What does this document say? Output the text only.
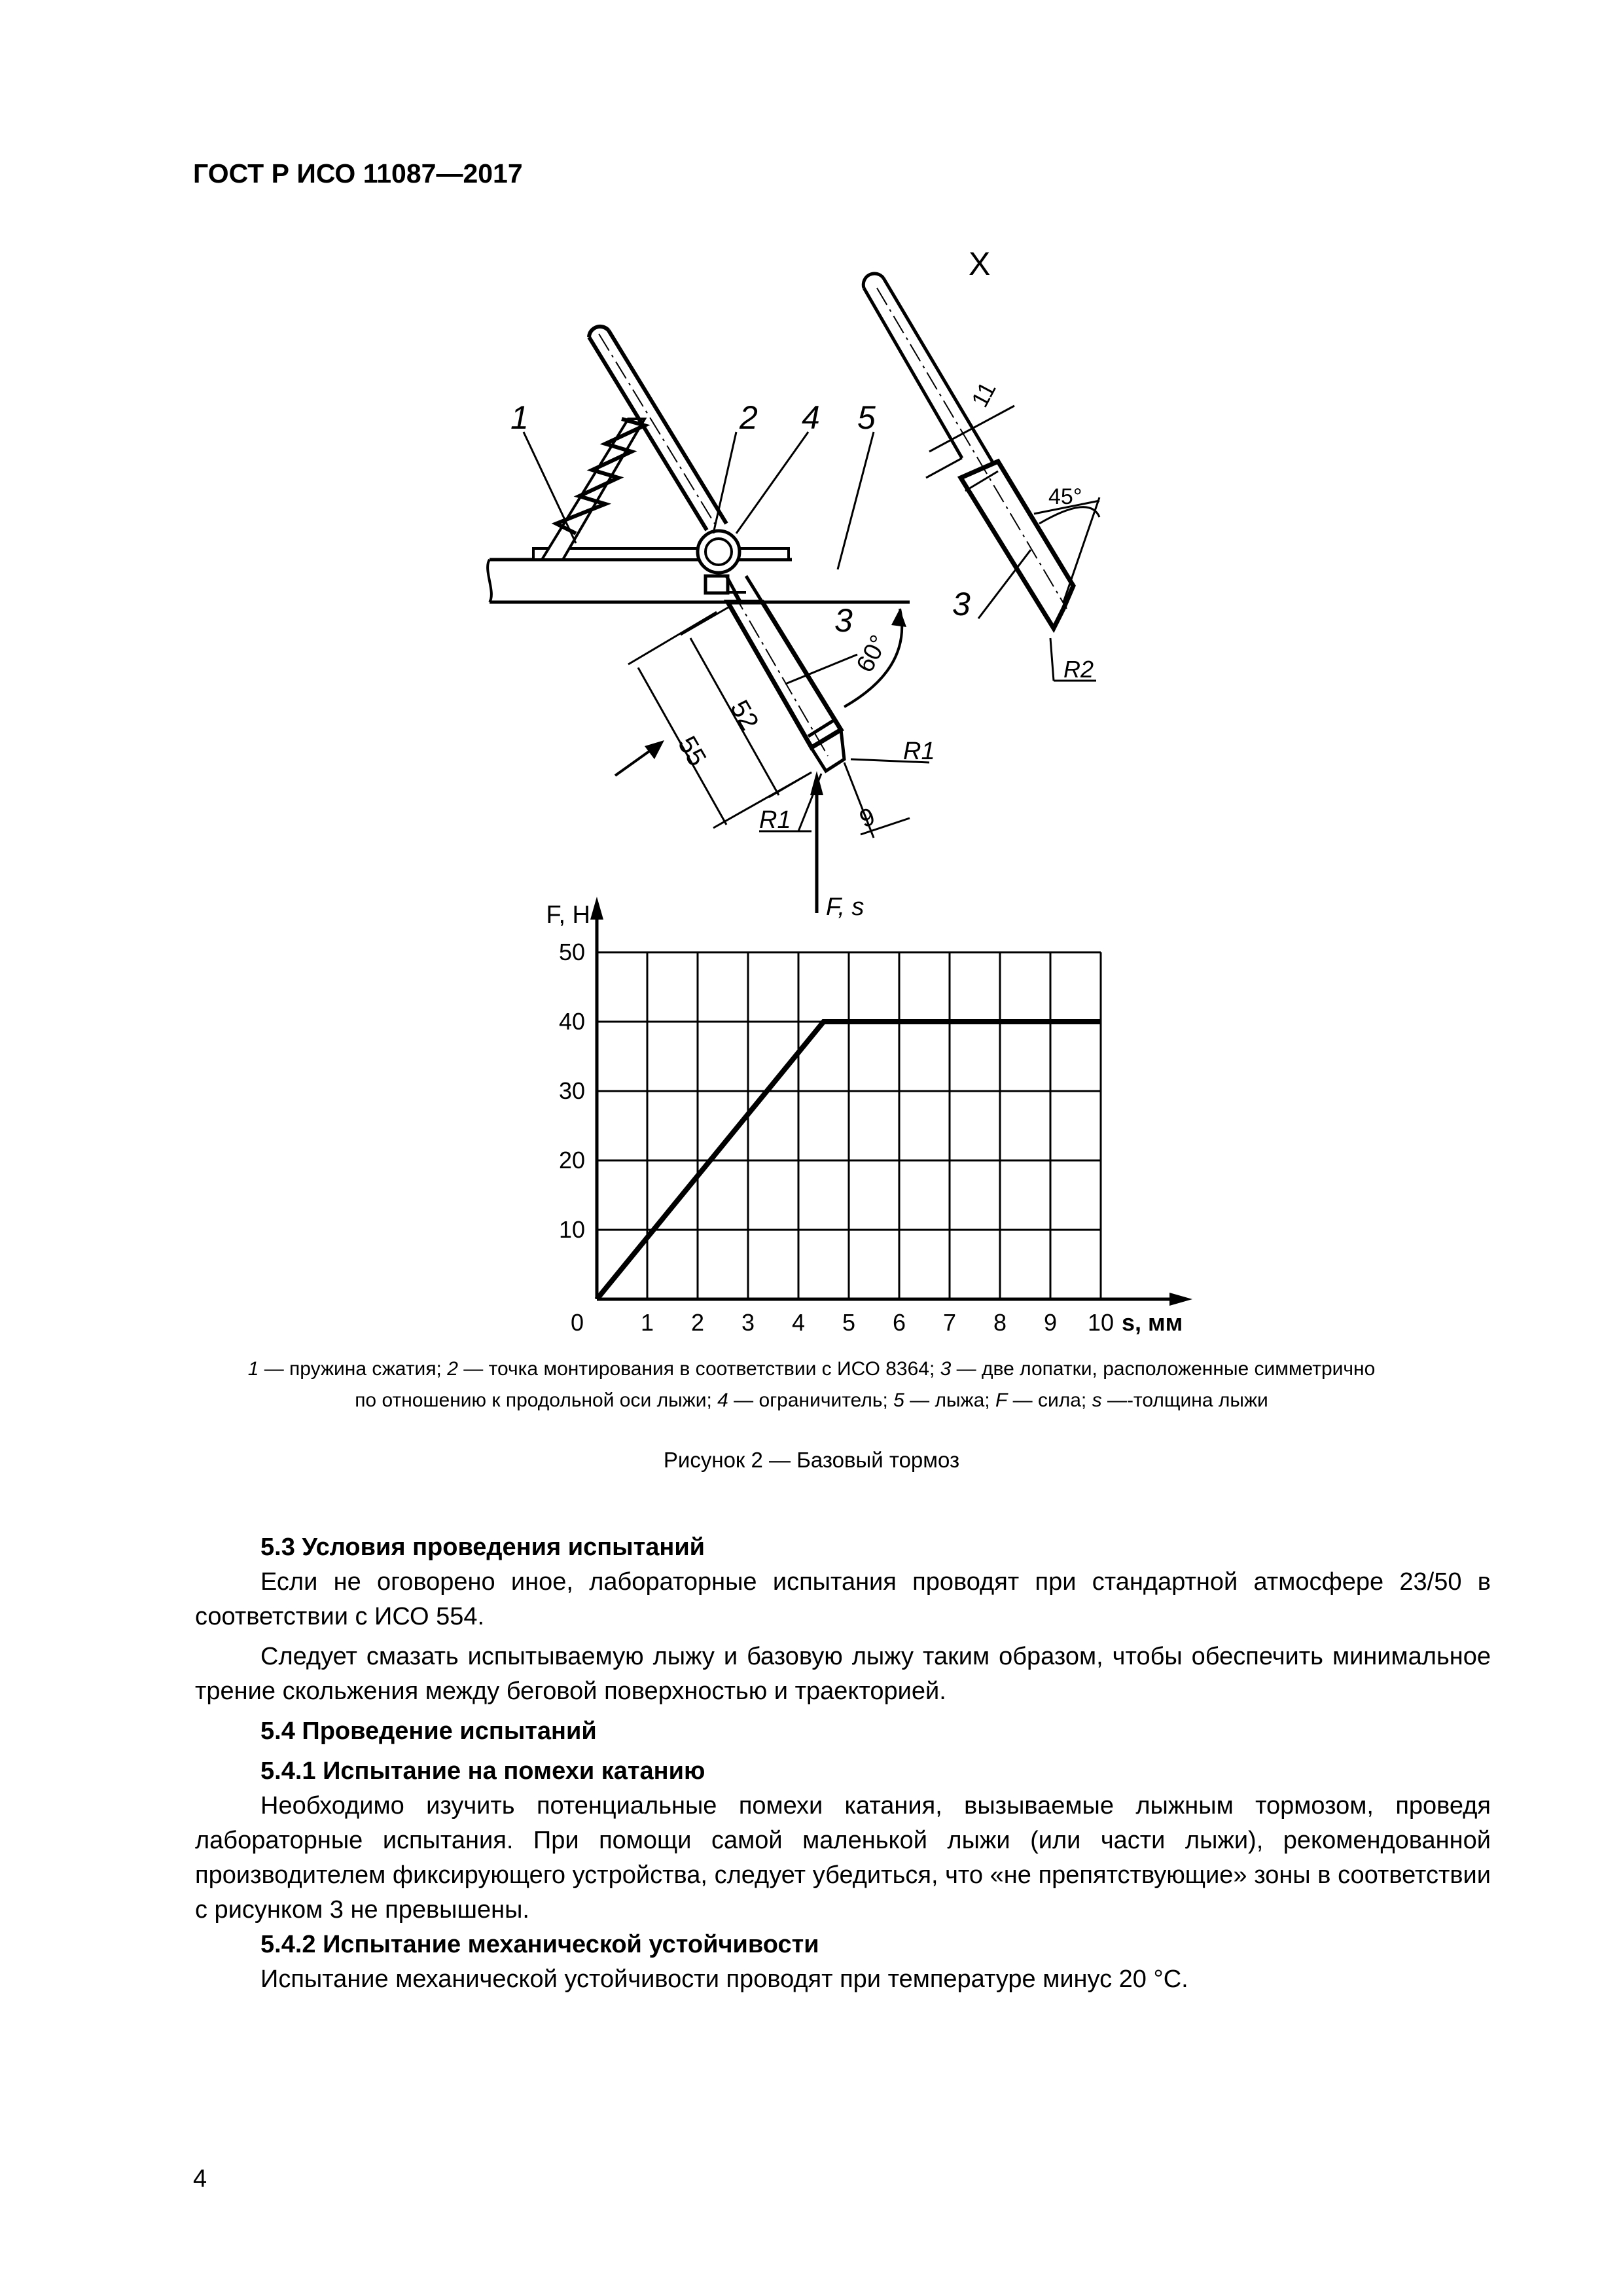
ГОСТ Р ИСО 11087—2017
X
1	2 4 5
3	3
55
52
9
11
60°
45°
R1
R1
R2
F, s
0 1 2 3 4 5 6 7 8 9 10
10
20
30
40
50
s, мм
F, Н
1 — пружина сжатия; 2 — точка монтирования в соответствии с ИСО 8364; 3 — две лопатки, расположенные симметрично
по отношению к продольной оси лыжи; 4 — ограничитель; 5 — лыжа; F — сила; s —-толщина лыжи
Рисунок 2 — Базовый тормоз
5.3 Условия проведения испытаний
Если не оговорено иное, лабораторные испытания проводят при стандартной атмосфере 23/50 в соответствии с ИСО 554.
Следует смазать испытываемую лыжу и базовую лыжу таким образом, чтобы обеспечить минимальное трение скольжения между беговой поверхностью и траекторией.
5.4 Проведение испытаний
5.4.1 Испытание на помехи катанию
Необходимо изучить потенциальные помехи катания, вызываемые лыжным тормозом, проведя лабораторные испытания. При помощи самой маленькой лыжи (или части лыжи), рекомендованной производителем фиксирующего устройства, следует убедиться, что «не препятствующие» зоны в соответствии с рисунком 3 не превышены.
5.4.2 Испытание механической устойчивости
Испытание механической устойчивости проводят при температуре минус 20 °С.
4
